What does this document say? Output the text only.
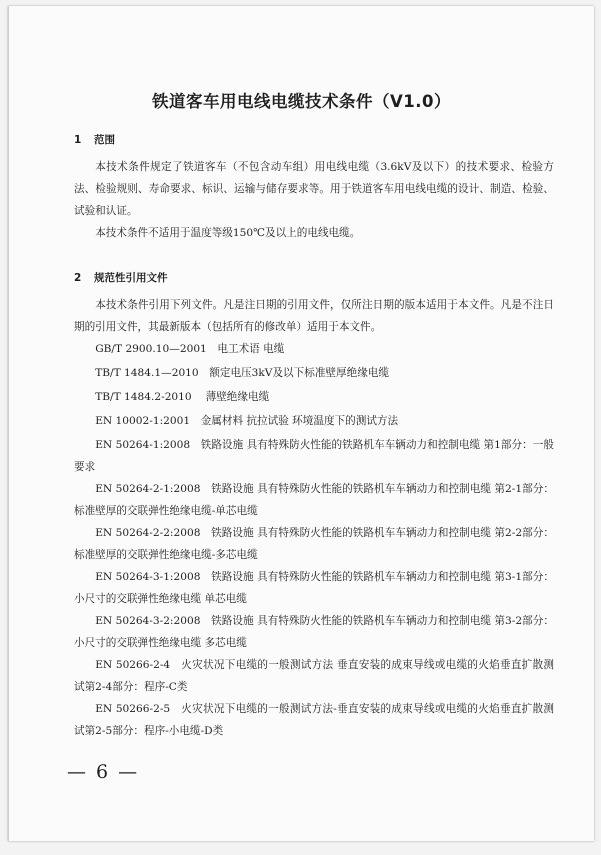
铁道客车用电线电缆技术条件（V1.0）
1 范围

本技术条件规定了铁道客车（不包含动车组）用电线电缆（3.6kV及以下）的技术要求、检验方法、检验规则、寿命要求、标识、运输与储存要求等。用于铁道客车用电线电缆的设计、制造、检验、试验和认证。

本技术条件不适用于温度等级150℃及以上的电线电缆。

2 规范性引用文件

本技术条件引用下列文件。凡是注日期的引用文件，仅所注日期的版本适用于本文件。凡是不注日期的引用文件，其最新版本（包括所有的修改单）适用于本文件。

GB/T 2900.10—2001　电工术语 电缆

TB/T 1484.1—2010　额定电压3kV及以下标准壁厚绝缘电缆

TB/T 1484.2-2010　 薄壁绝缘电缆

EN 10002-1:2001　金属材料 抗拉试验 环境温度下的测试方法

EN 50264-1:2008　铁路设施 具有特殊防火性能的铁路机车车辆动力和控制电缆 第1部分：一般要求

EN 50264-2-1:2008　铁路设施 具有特殊防火性能的铁路机车车辆动力和控制电缆 第2-1部分：标准壁厚的交联弹性绝缘电缆-单芯电缆

EN 50264-2-2:2008　铁路设施 具有特殊防火性能的铁路机车车辆动力和控制电缆 第2-2部分：标准壁厚的交联弹性绝缘电缆-多芯电缆

EN 50264-3-1:2008　铁路设施 具有特殊防火性能的铁路机车车辆动力和控制电缆 第3-1部分：小尺寸的交联弹性绝缘电缆 单芯电缆

EN 50264-3-2:2008　铁路设施 具有特殊防火性能的铁路机车车辆动力和控制电缆 第3-2部分：小尺寸的交联弹性绝缘电缆 多芯电缆

EN 50266-2-4　火灾状况下电缆的一般测试方法 垂直安装的成束导线或电缆的火焰垂直扩散测试第2-4部分：程序-C类

EN 50266-2-5　火灾状况下电缆的一般测试方法-垂直安装的成束导线或电缆的火焰垂直扩散测试第2-5部分：程序-小电缆-D类

— 6 —
